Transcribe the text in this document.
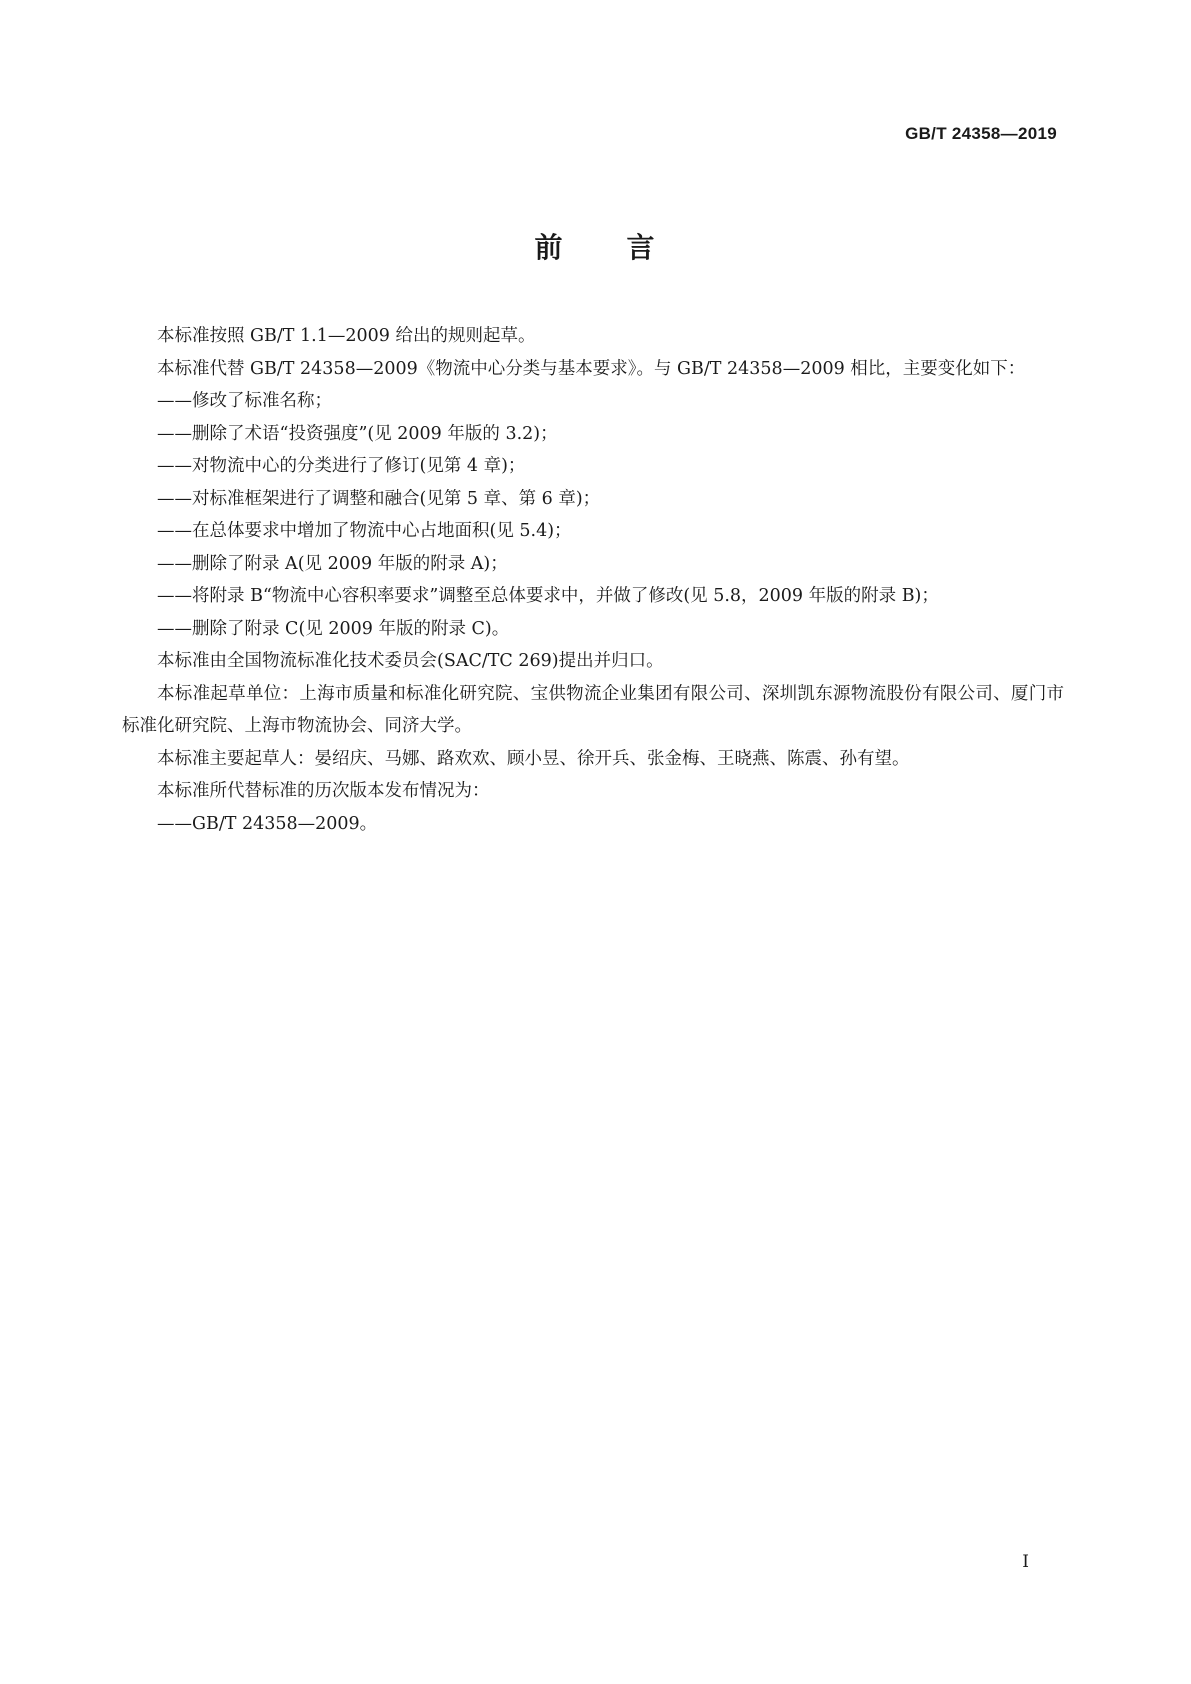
GB/T 24358—2019
前 言

本标准按照 GB/T 1.1—2009 给出的规则起草。

本标准代替 GB/T 24358—2009《物流中心分类与基本要求》。与 GB/T 24358—2009 相比，主要变化如下：

——修改了标准名称；

——删除了术语“投资强度”(见 2009 年版的 3.2)；

——对物流中心的分类进行了修订(见第 4 章)；

——对标准框架进行了调整和融合(见第 5 章、第 6 章)；

——在总体要求中增加了物流中心占地面积(见 5.4)；

——删除了附录 A(见 2009 年版的附录 A)；

——将附录 B“物流中心容积率要求”调整至总体要求中，并做了修改(见 5.8，2009 年版的附录 B)；

——删除了附录 C(见 2009 年版的附录 C)。

本标准由全国物流标准化技术委员会(SAC/TC 269)提出并归口。

本标准起草单位：上海市质量和标准化研究院、宝供物流企业集团有限公司、深圳凯东源物流股份有限公司、厦门市标准化研究院、上海市物流协会、同济大学。

本标准主要起草人：晏绍庆、马娜、路欢欢、顾小昱、徐开兵、张金梅、王晓燕、陈震、孙有望。

本标准所代替标准的历次版本发布情况为：

——GB/T 24358—2009。

I
